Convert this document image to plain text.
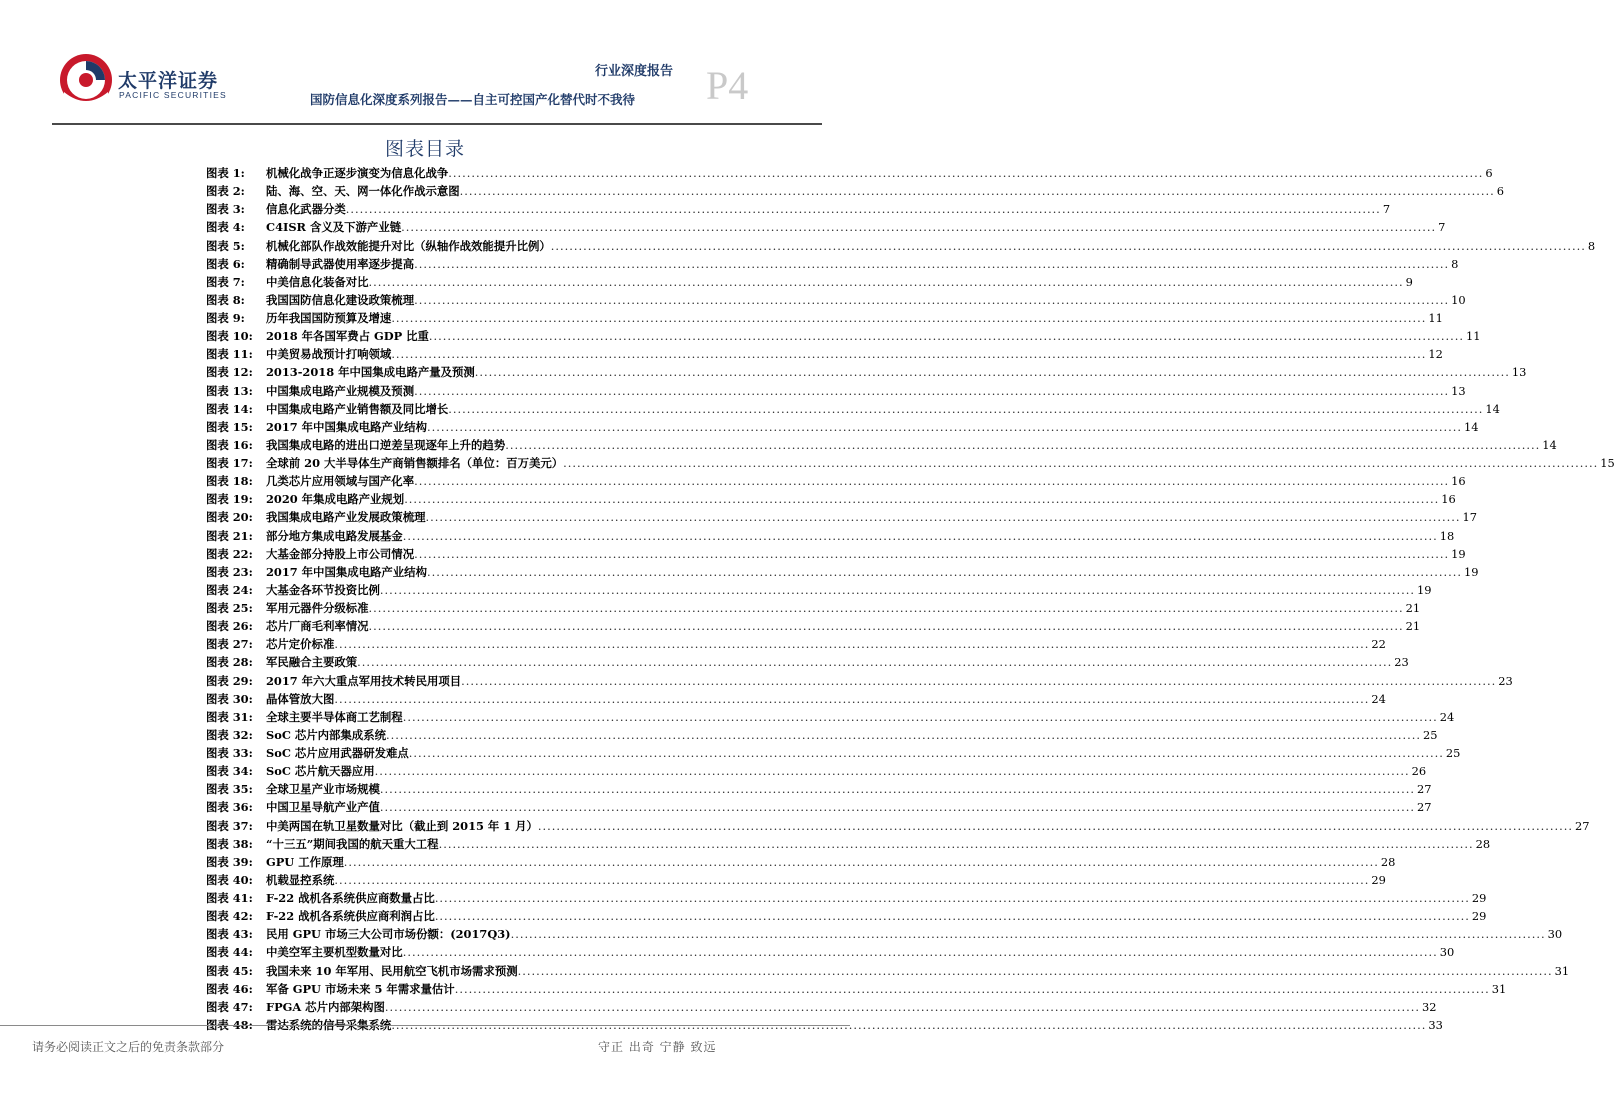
太平洋证券
PACIFIC SECURITIES
行业深度报告
国防信息化深度系列报告——自主可控国产化替代时不我待 P4
图表目录
图表 1:	机械化战争正逐步演变为信息化战争 .....	6
图表 2:	陆、海、空、天、网一体化作战示意图 .....	6
图表 3:	信息化武器分类 .....	7
图表 4:	C4ISR 含义及下游产业链 .....	7
图表 5:	机械化部队作战效能提升对比（纵轴作战效能提升比例） .....	8
图表 6:	精确制导武器使用率逐步提高 .....	8
图表 7:	中美信息化装备对比 .....	9
图表 8:	我国国防信息化建设政策梳理 .....	10
图表 9:	历年我国国防预算及增速 .....	11
图表 10:	2018 年各国军费占 GDP 比重 .....	11
图表 11:	中美贸易战预计打响领域 .....	12
图表 12:	2013-2018 年中国集成电路产量及预测 .....	13
图表 13:	中国集成电路产业规模及预测 .....	13
图表 14:	中国集成电路产业销售额及同比增长 .....	14
图表 15:	2017 年中国集成电路产业结构 .....	14
图表 16:	我国集成电路的进出口逆差呈现逐年上升的趋势 .....	14
图表 17:	全球前 20 大半导体生产商销售额排名（单位：百万美元） .....	15
图表 18:	几类芯片应用领域与国产化率 .....	16
图表 19:	2020 年集成电路产业规划 .....	16
图表 20:	我国集成电路产业发展政策梳理 .....	17
图表 21:	部分地方集成电路发展基金 .....	18
图表 22:	大基金部分持股上市公司情况 .....	19
图表 23:	2017 年中国集成电路产业结构 .....	19
图表 24:	大基金各环节投资比例 .....	19
图表 25:	军用元器件分级标准 .....	21
图表 26:	芯片厂商毛利率情况 .....	21
图表 27:	芯片定价标准 .....	22
图表 28:	军民融合主要政策 .....	23
图表 29:	2017 年六大重点军用技术转民用项目 .....	23
图表 30:	晶体管放大图 .....	24
图表 31:	全球主要半导体商工艺制程 .....	24
图表 32:	SoC 芯片内部集成系统 .....	25
图表 33:	SoC 芯片应用武器研发难点 .....	25
图表 34:	SoC 芯片航天器应用 .....	26
图表 35:	全球卫星产业市场规模 .....	27
图表 36:	中国卫星导航产业产值 .....	27
图表 37:	中美两国在轨卫星数量对比（截止到 2015 年 1 月） .....	27
图表 38:	“十三五”期间我国的航天重大工程 .....	28
图表 39:	GPU 工作原理 .....	28
图表 40:	机载显控系统 .....	29
图表 41:	F-22 战机各系统供应商数量占比 .....	29
图表 42:	F-22 战机各系统供应商利润占比 .....	29
图表 43:	民用 GPU 市场三大公司市场份额：(2017Q3) .....	30
图表 44:	中美空军主要机型数量对比 .....	30
图表 45:	我国未来 10 年军用、民用航空飞机市场需求预测 .....	31
图表 46:	军备 GPU 市场未来 5 年需求量估计 .....	31
图表 47:	FPGA 芯片内部架构图 .....	32
图表 48:	雷达系统的信号采集系统 .....	33
请务必阅读正文之后的免责条款部分	守正 出奇 宁静 致远
